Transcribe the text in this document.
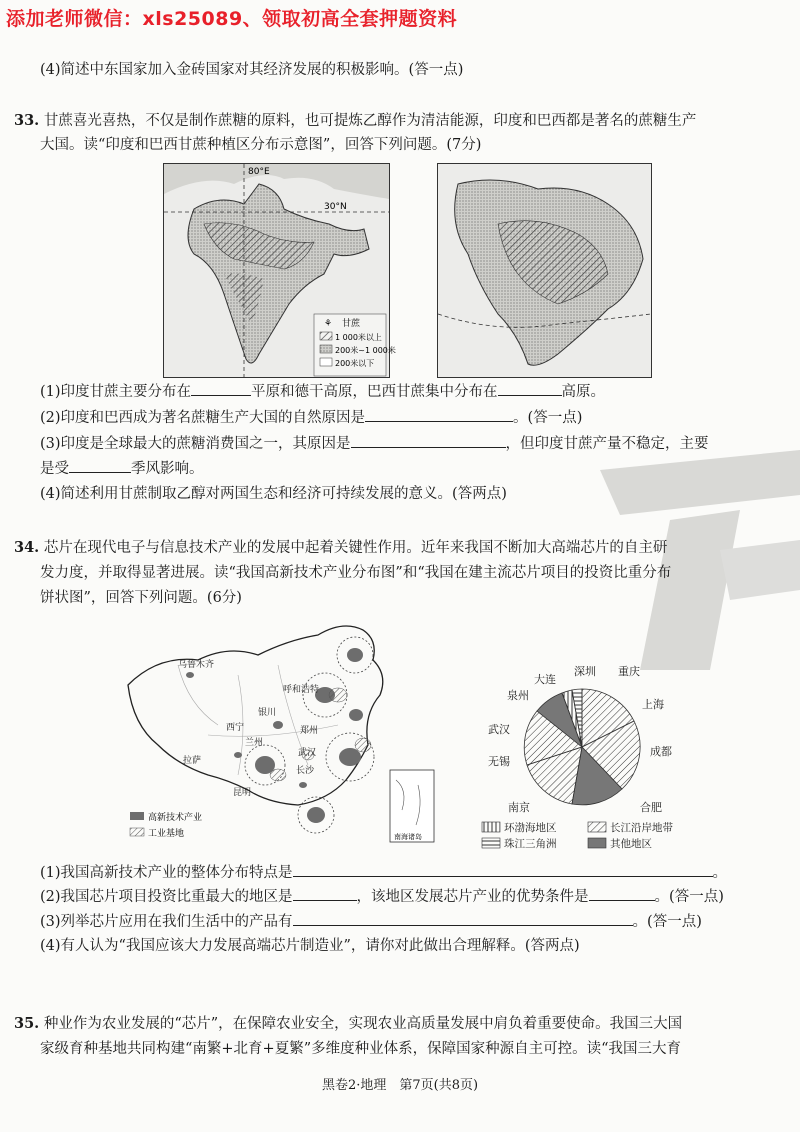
添加老师微信：xls25089、领取初高全套押题资料
(4)简述中东国家加入金砖国家对其经济发展的积极影响。(答一点)
33. 甘蔗喜光喜热，不仅是制作蔗糖的原料，也可提炼乙醇作为清洁能源，印度和巴西都是著名的蔗糖生产
大国。读“印度和巴西甘蔗种植区分布示意图”，回答下列问题。(7分)
80°E
30°N
甘蔗
⚘
1 000米以上
200米~1 000米
200米以下
(1)印度甘蔗主要分布在	平原和德干高原，巴西甘蔗集中分布在	高原。
(2)印度和巴西成为著名蔗糖生产大国的自然原因是	。(答一点)
(3)印度是全球最大的蔗糖消费国之一，其原因是	，但印度甘蔗产量不稳定，主要
是受	季风影响。
(4)简述利用甘蔗制取乙醇对两国生态和经济可持续发展的意义。(答两点)
34. 芯片在现代电子与信息技术产业的发展中起着关键性作用。近年来我国不断加大高端芯片的自主研
发力度，并取得显著进展。读“我国高新技术产业分布图”和“我国在建主流芯片项目的投资比重分布
饼状图”，回答下列问题。(6分)
乌鲁木齐
呼和浩特
银川
西宁
兰州
拉萨
郑州
武汉
长沙
昆明
南海诸岛
高新技术产业
工业基地
深圳 重庆
大连
泉州
上海
武汉
成都
无锡
南京	合肥
环渤海地区	长江沿岸地带
珠江三角洲	其他地区
(1)我国高新技术产业的整体分布特点是	。
(2)我国芯片项目投资比重最大的地区是	，该地区发展芯片产业的优势条件是	。(答一点)
(3)列举芯片应用在我们生活中的产品有	。(答一点)
(4)有人认为“我国应该大力发展高端芯片制造业”，请你对此做出合理解释。(答两点)
35. 种业作为农业发展的“芯片”，在保障农业安全，实现农业高质量发展中肩负着重要使命。我国三大国
家级育种基地共同构建“南繁+北育+夏繁”多维度种业体系，保障国家种源自主可控。读“我国三大育
黑卷2·地理　第7页(共8页)
